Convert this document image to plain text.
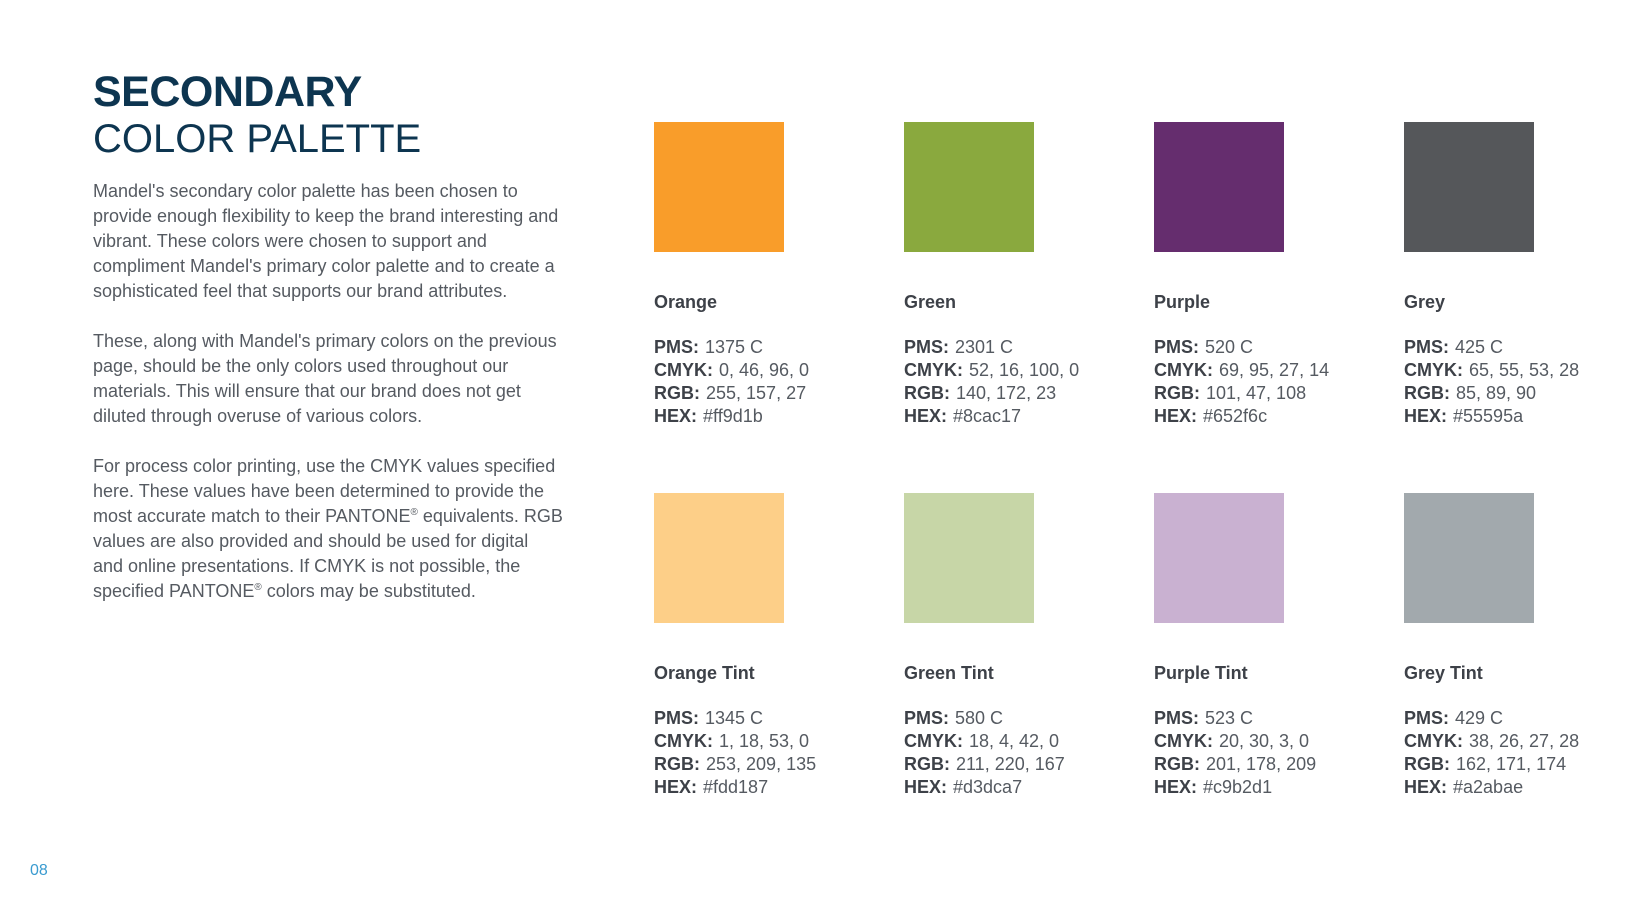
SECONDARY
COLOR PALETTE

Mandel's secondary color palette has been chosen to provide enough flexibility to keep the brand interesting and vibrant. These colors were chosen to support and compliment Mandel's primary color palette and to create a sophisticated feel that supports our brand attributes.

These, along with Mandel's primary colors on the previous page, should be the only colors used throughout our materials. This will ensure that our brand does not get diluted through overuse of various colors.

For process color printing, use the CMYK values specified here. These values have been determined to provide the most accurate match to their PANTONE® equivalents. RGB values are also provided and should be used for digital and online presentations. If CMYK is not possible, the specified PANTONE® colors may be substituted.

Orange
PMS: 1375 C
CMYK: 0, 46, 96, 0
RGB: 255, 157, 27
HEX: #ff9d1b
Green
PMS: 2301 C
CMYK: 52, 16, 100, 0
RGB: 140, 172, 23
HEX: #8cac17
Purple
PMS: 520 C
CMYK: 69, 95, 27, 14
RGB: 101, 47, 108
HEX: #652f6c
Grey
PMS: 425 C
CMYK: 65, 55, 53, 28
RGB: 85, 89, 90
HEX: #55595a
Orange Tint
PMS: 1345 C
CMYK: 1, 18, 53, 0
RGB: 253, 209, 135
HEX: #fdd187
Green Tint
PMS: 580 C
CMYK: 18, 4, 42, 0
RGB: 211, 220, 167
HEX: #d3dca7
Purple Tint
PMS: 523 C
CMYK: 20, 30, 3, 0
RGB: 201, 178, 209
HEX: #c9b2d1
Grey Tint
PMS: 429 C
CMYK: 38, 26, 27, 28
RGB: 162, 171, 174
HEX: #a2abae
08
